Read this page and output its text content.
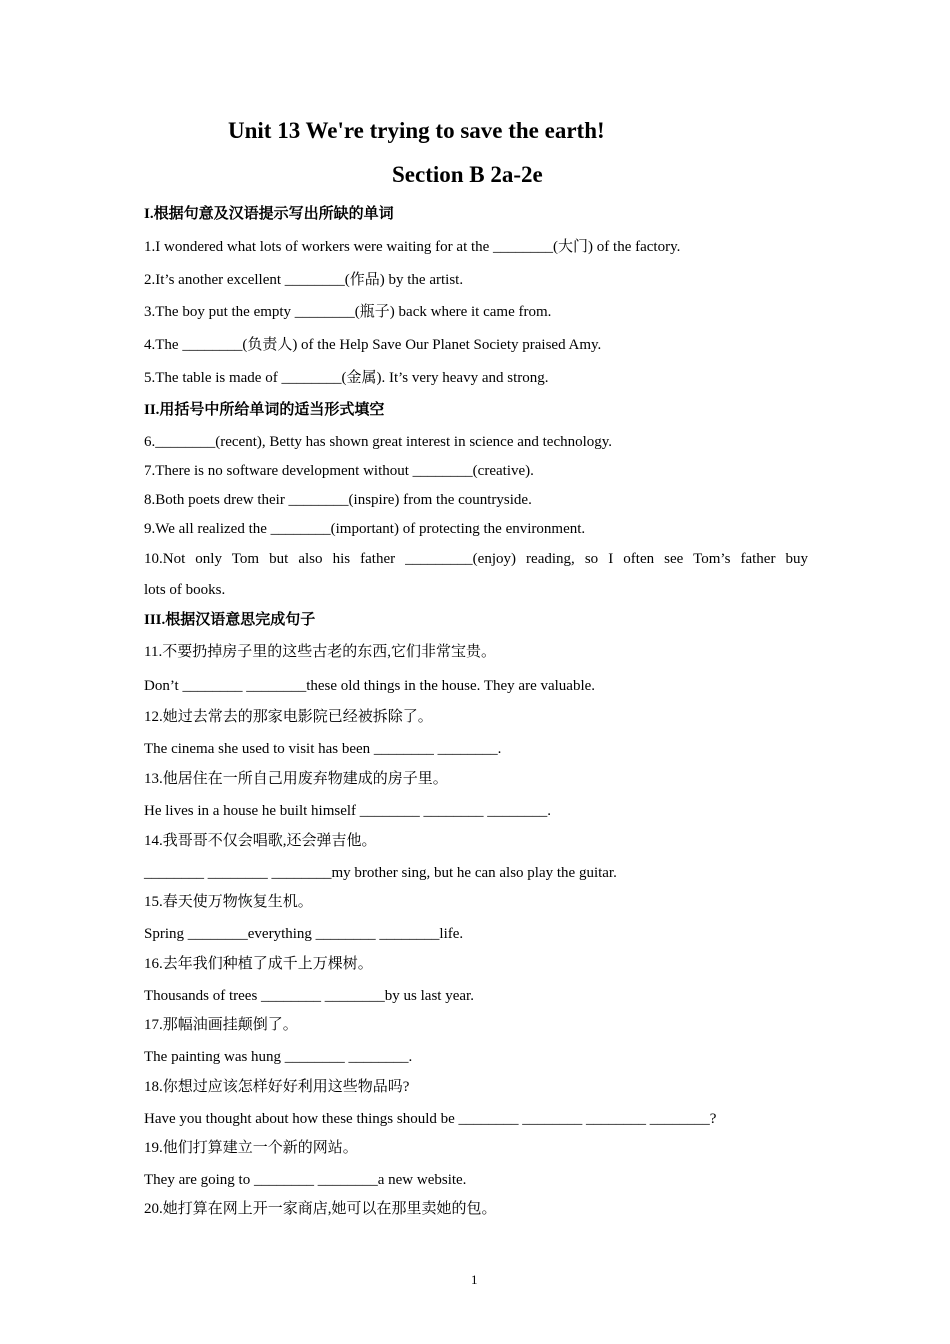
Unit 13 We're trying to save the earth!
Section B 2a-2e
I.根据句意及汉语提示写出所缺的单词
1.I wondered what lots of workers were waiting for at the ________(大门) of the factory.
2.It’s another excellent ________(作品) by the artist.
3.The boy put the empty ________(瓶子) back where it came from.
4.The ________(负责人) of the Help Save Our Planet Society praised Amy.
5.The table is made of ________(金属). It’s very heavy and strong.
II.用括号中所给单词的适当形式填空
6.________(recent), Betty has shown great interest in science and technology.
7.There is no software development without ________(creative).
8.Both poets drew their ________(inspire) from the countryside.
9.We all realized the ________(important) of protecting the environment.
10.Not only Tom but also his father _________(enjoy) reading, so I often see Tom’s father buy
lots of books.
III.根据汉语意思完成句子
11.不要扔掉房子里的这些古老的东西,它们非常宝贵。
Don’t ________ ________these old things in the house. They are valuable.
12.她过去常去的那家电影院已经被拆除了。
The cinema she used to visit has been ________ ________.
13.他居住在一所自己用废弃物建成的房子里。
He lives in a house he built himself ________ ________ ________.
14.我哥哥不仅会唱歌,还会弹吉他。
________ ________ ________my brother sing, but he can also play the guitar.
15.春天使万物恢复生机。
Spring ________everything ________ ________life.
16.去年我们种植了成千上万棵树。
Thousands of trees ________ ________by us last year.
17.那幅油画挂颠倒了。
The painting was hung ________ ________.
18.你想过应该怎样好好利用这些物品吗?
Have you thought about how these things should be ________ ________ ________ ________?
19.他们打算建立一个新的网站。
They are going to ________ ________a new website.
20.她打算在网上开一家商店,她可以在那里卖她的包。
1
